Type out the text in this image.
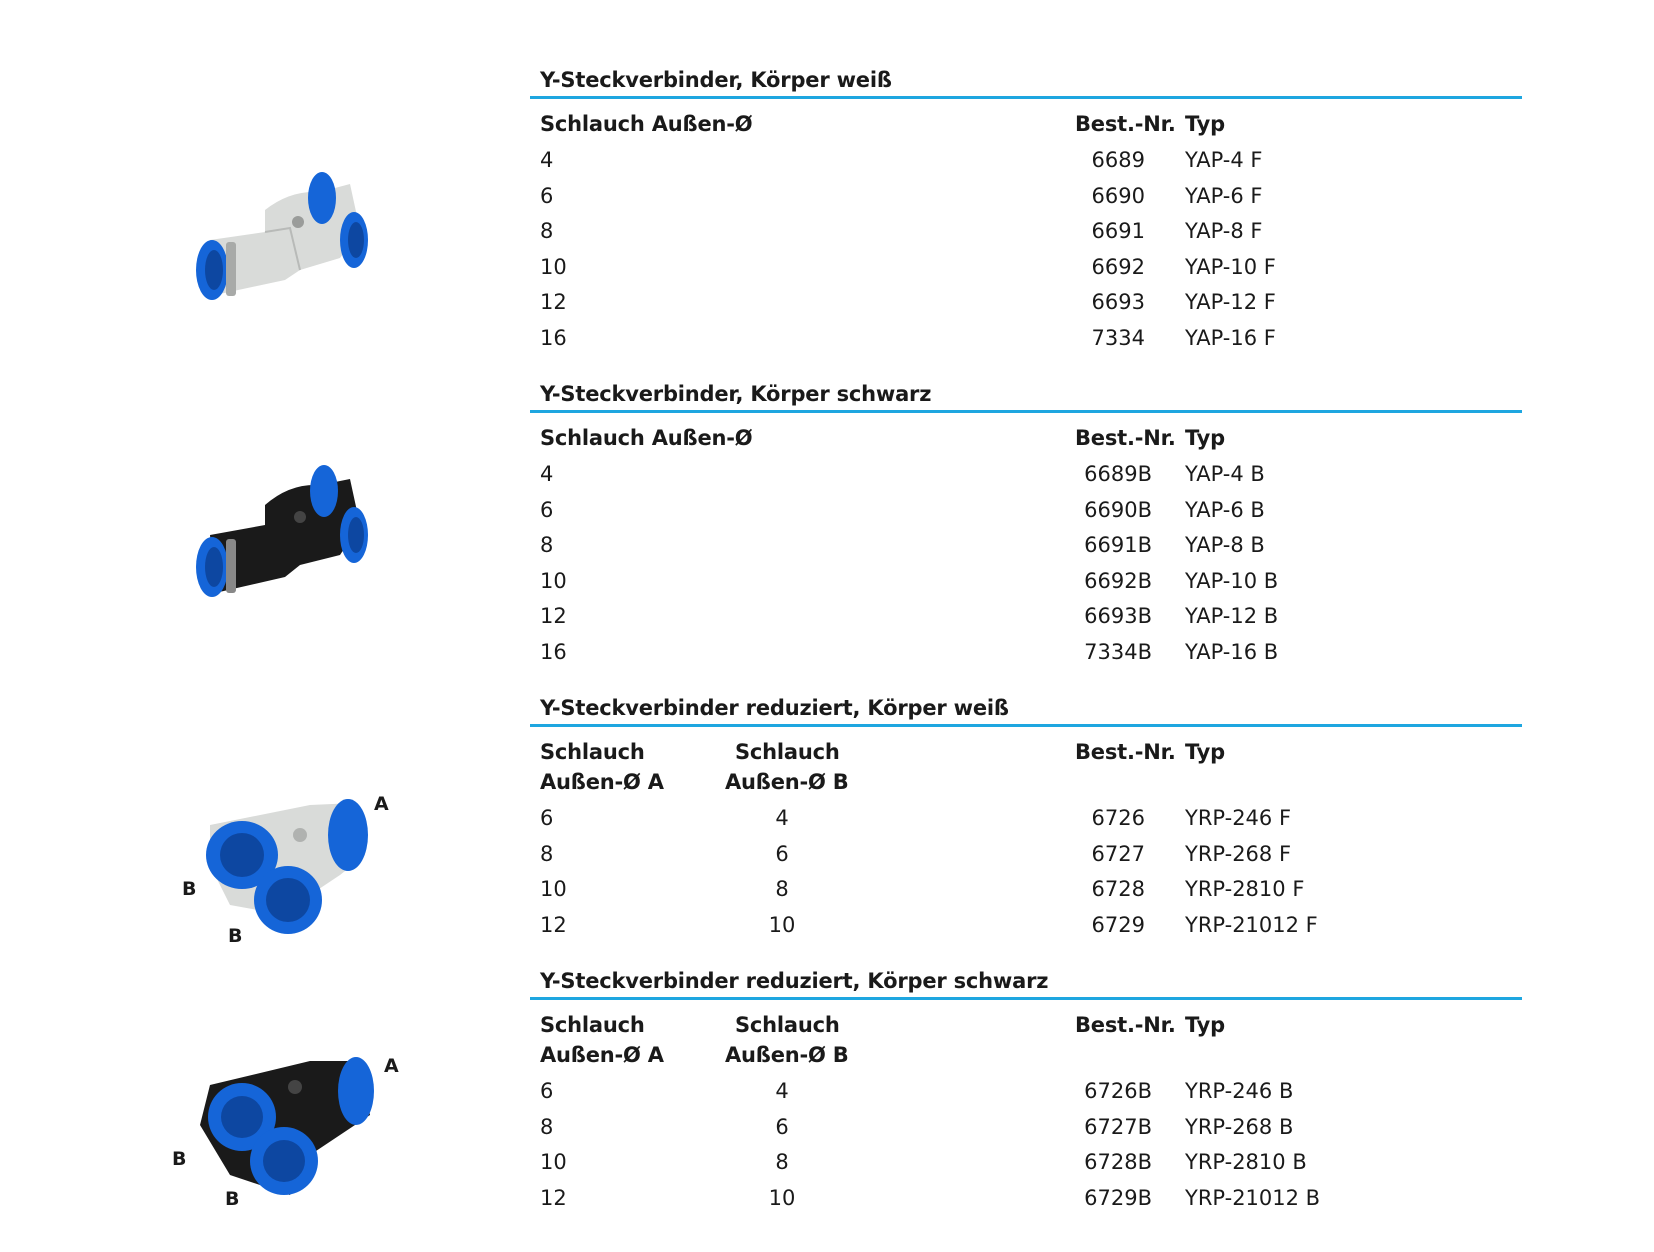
A
B
B
A
B
B
Y-Steckverbinder, Körper weiß
Schlauch Außen-Ø	Best.-Nr. Typ
4	6689 YAP-4 F
6	6690 YAP-6 F
8	6691 YAP-8 F
10	6692 YAP-10 F
12	6693 YAP-12 F
16	7334 YAP-16 F
Y-Steckverbinder, Körper schwarz
Schlauch Außen-Ø	Best.-Nr. Typ
4	6689B YAP-4 B
6	6690B YAP-6 B
8	6691B YAP-8 B
10	6692B YAP-10 B
12	6693B YAP-12 B
16	7334B YAP-16 B
Y-Steckverbinder reduziert, Körper weiß
Schlauch
Außen-Ø A
Schlauch
Außen-Ø B
Best.-Nr. Typ
6	4	6726 YRP-246 F
8	6	6727 YRP-268 F
10	8	6728 YRP-2810 F
12	10	6729 YRP-21012 F
Y-Steckverbinder reduziert, Körper schwarz
Schlauch
Außen-Ø A
Schlauch
Außen-Ø B
Best.-Nr. Typ
6	4	6726B YRP-246 B
8	6	6727B YRP-268 B
10	8	6728B YRP-2810 B
12	10	6729B YRP-21012 B
